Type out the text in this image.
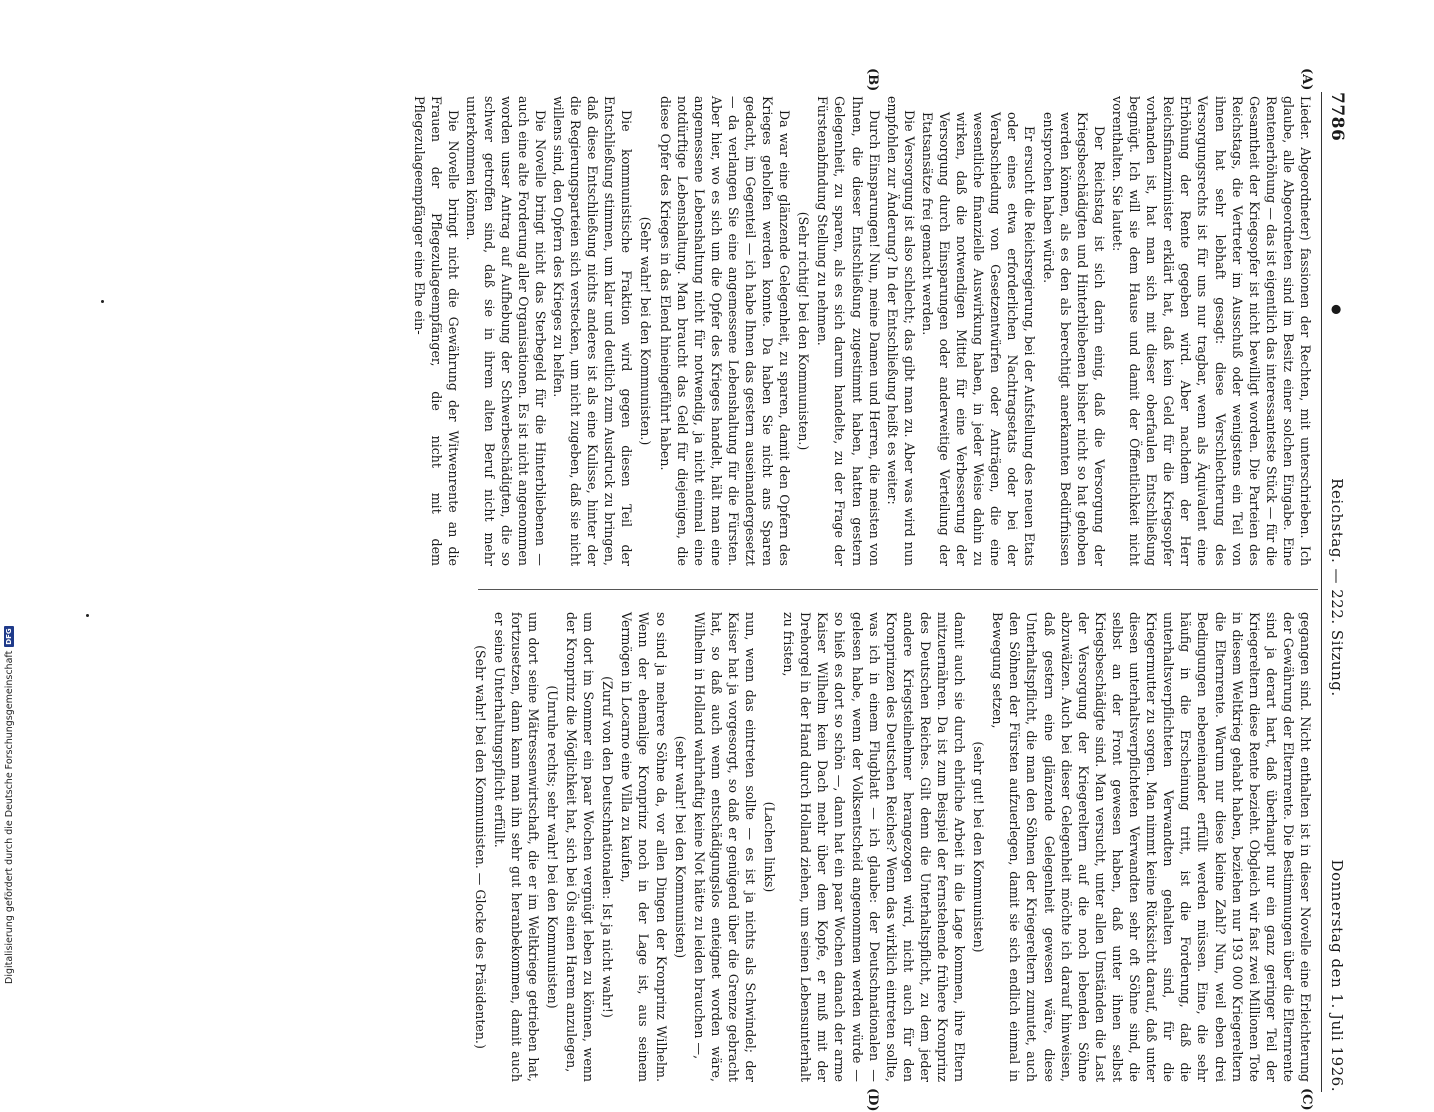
7786
●
Reichstag. — 222. Sitzung.
Donnerstag den 1. Juli 1926.
(A)
(B)
(C)
(D)

Lieder. Abgeordneter) fassionen der Rechten, mit unterschrieben. Ich glaube, alle Abgeordneten sind im Besitz einer solchen Eingabe. Eine Rentenerhöhung — das ist eigentlich das interessanteste Stück — für die Gesamtheit der Kriegsopfer ist nicht bewilligt worden. Die Parteien des Reichstags, die Vertreter im Ausschuß oder wenigstens ein Teil von ihnen hat sehr lebhaft gesagt: diese Verschlechterung des Versorgungsrechts ist für uns nur tragbar, wenn als Äquivalent eine Erhöhung der Rente gegeben wird. Aber nachdem der Herr Reichsfinanzminister erklärt hat, daß kein Geld für die Kriegsopfer vorhanden ist, hat man sich mit dieser oberfaulen Entschließung begnügt. Ich will sie dem Hause und damit der Öffentlichkeit nicht vorenthalten. Sie lautet:

Der Reichstag ist sich darin einig, daß die Versorgung der Kriegsbeschädigten und Hinterbliebenen bisher nicht so hat gehoben werden können, als es den als berechtigt anerkannten Bedürfnissen entsprochen haben würde.

Er ersucht die Reichsregierung, bei der Aufstellung des neuen Etats oder eines etwa erforderlichen Nachtragsetats oder bei der Verabschiedung von Gesetzentwürfen oder Anträgen, die eine wesentliche finanzielle Auswirkung haben, in jeder Weise dahin zu wirken, daß die notwendigen Mittel für eine Verbesserung der Versorgung durch Einsparungen oder anderweitige Verteilung der Etatsansätze frei gemacht werden.

Die Versorgung ist also schlecht; das gibt man zu. Aber was wird nun empfohlen zur Änderung? In der Entschließung heißt es weiter:

Durch Einsparungen! Nun, meine Damen und Herren, die meisten von Ihnen, die dieser Entschließung zugestimmt haben, hatten gestern Gelegenheit, zu sparen, als es sich darum handelte, zu der Frage der Fürstenabfindung Stellung zu nehmen.

(Sehr richtig! bei den Kommunisten.)

Da war eine glänzende Gelegenheit, zu sparen, damit den Opfern des Krieges geholfen werden konnte. Da haben Sie nicht ans Sparen gedacht, im Gegenteil — ich habe Ihnen das gestern auseinandergesetzt — da verlangen Sie eine angemessene Lebenshaltung für die Fürsten. Aber hier, wo es sich um die Opfer des Krieges handelt, hält man eine angemessene Lebenshaltung nicht für notwendig, ja nicht einmal eine notdürftige Lebenshaltung. Man braucht das Geld für diejenigen, die diese Opfer des Krieges in das Elend hineingeführt haben.

(Sehr wahr! bei den Kommunisten.)

Die kommunistische Fraktion wird gegen diesen Teil der Entschließung stimmen, um klar und deutlich zum Ausdruck zu bringen, daß diese Entschließung nichts anderes ist als eine Kulisse, hinter der die Regierungsparteien sich verstecken, um nicht zugeben, daß sie nicht willens sind, den Opfern des Krieges zu helfen.

Die Novelle bringt nicht das Sterbegeld für die Hinterbliebenen — auch eine alte Forderung aller Organisationen. Es ist nicht angenommen worden unser Antrag auf Aufhebung der Schwerbeschädigten, die so schwer getroffen sind, daß sie in ihrem alten Beruf nicht mehr unterkommen können.

Die Novelle bringt nicht die Gewährung der Witwenrente an die Frauen der Pflegezulageempfänger, die nicht mit dem Pflegezulageempfänger eine Ehe ein-

gegangen sind. Nicht enthalten ist in dieser Novelle eine Erleichterung der Gewährung der Elternrente. Die Bestimmungen über die Elternrente sind ja derart hart, daß überhaupt nur ein ganz geringer Teil der Kriegereltern diese Rente bezieht. Obgleich wir fast zwei Millionen Tote in diesem Weltkrieg gehabt haben, beziehen nur 193 000 Kriegereltern die Elternrente. Warum nur diese kleine Zahl? Nun, weil eben drei Bedingungen nebeneinander erfüllt werden müssen. Eine, die sehr häufig in die Erscheinung tritt, ist die Forderung, daß die unterhaltsverpflichteten Verwandten gehalten sind, für die Kriegermutter zu sorgen. Man nimmt keine Rücksicht darauf, daß unter diesen unterhaltsverpflichteten Verwandten sehr oft Söhne sind, die selbst an der Front gewesen haben, daß unter ihnen selbst Kriegsbeschädigte sind. Man versucht, unter allen Umständen die Last der Versorgung der Kriegereltern auf die noch lebenden Söhne abzuwälzen. Auch bei dieser Gelegenheit möchte ich darauf hinweisen, daß gestern eine glänzende Gelegenheit gewesen wäre, diese Unterhaltspflicht, die man den Söhnen der Kriegereltern zumutet, auch den Söhnen der Fürsten aufzuerlegen, damit sie sich endlich einmal in Bewegung setzen,

(sehr gut! bei den Kommunisten)

damit auch sie durch ehrliche Arbeit in die Lage kommen, ihre Eltern mitzuernähren. Da ist zum Beispiel der fernstehende frühere Kronprinz des Deutschen Reiches. Gilt denn die Unterhaltspflicht, zu dem jeder andere Kriegsteilnehmer herangezogen wird, nicht auch für den Kronprinzen des Deutschen Reiches? Wenn das wirklich eintreten sollte, was ich in einem Flugblatt — ich glaube: der Deutschnationalen — gelesen habe, wenn der Volksentscheid angenommen werden würde — so hieß es dort so schön —, dann hat ein paar Wochen danach der arme Kaiser Wilhelm kein Dach mehr über dem Kopfe, er muß mit der Drehorgel in der Hand durch Holland ziehen, um seinen Lebensunterhalt zu fristen,

(Lachen links)

nun, wenn das eintreten sollte — es ist ja nichts als Schwindel; der Kaiser hat ja vorgesorgt, so daß er genügend über die Grenze gebracht hat, so daß auch wenn entschädigungslos enteignet worden wäre, Wilhelm in Holland wahrhaftig keine Not hätte zu leiden brauchen —,

(sehr wahr! bei den Kommunisten)

so sind ja mehrere Söhne da, vor allen Dingen der Kronprinz Wilhelm. Wenn der ehemalige Kronprinz noch in der Lage ist, aus seinem Vermögen in Locarno eine Villa zu kaufen,

(Zuruf von den Deutschnationalen: Ist ja nicht wahr!)

um dort im Sommer ein paar Wochen vergnügt leben zu können, wenn der Kronprinz die Möglichkeit hat, sich bei Öls einen Harem anzulegen,

(Unruhe rechts; sehr wahr! bei den Kommunisten)

um dort seine Mätressenwirtschaft, die er im Weltkriege getrieben hat, fortzusetzen, dann kann man ihn sehr gut heranbekommen, damit auch er seine Unterhaltungspflicht erfüllt.

(Sehr wahr! bei den Kommunisten. — Glocke des Präsidenten.)

Digitalisierung gefördert durch die Deutsche Forschungsgemeinschaft
DFG
